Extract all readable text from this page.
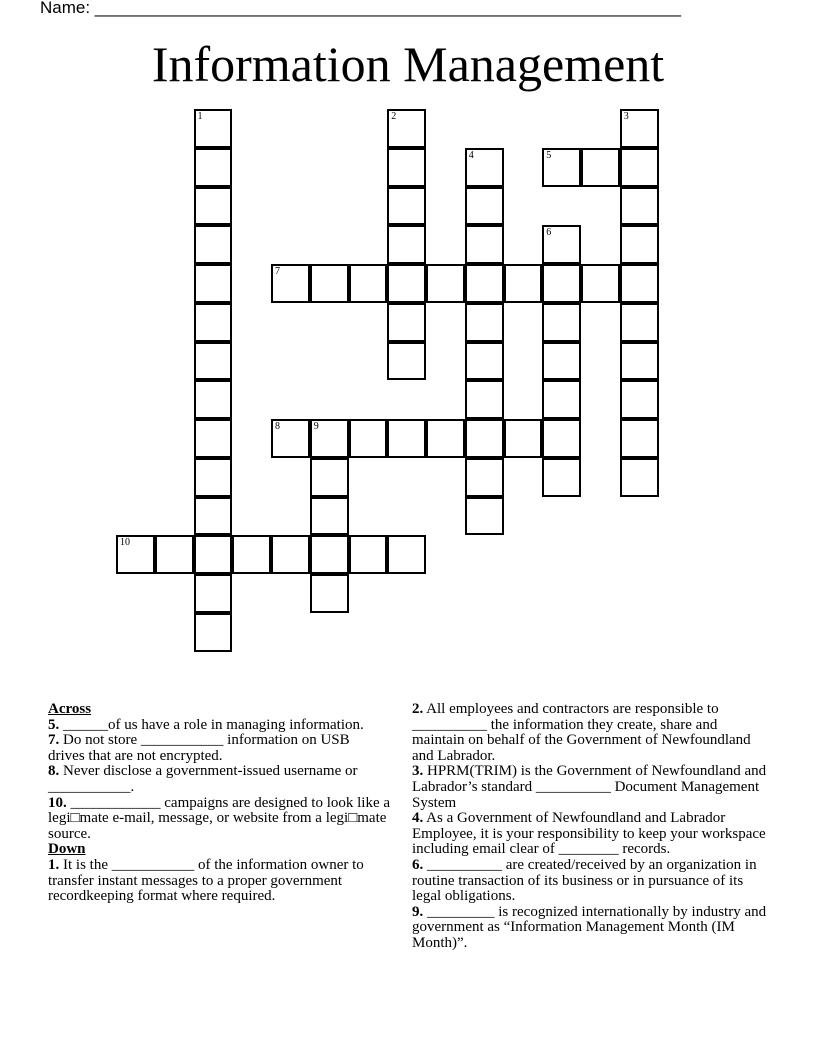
Name: ______________________________________________________________
Information Management
1	2	3
4	5
6
7
8	9
10
Across
5. ______of us have a role in managing information.
7. Do not store ___________ information on USB drives that are not encrypted.
8. Never disclose a government-issued username or ___________.
10. ____________ campaigns are designed to look like a legi□mate e-mail, message, or website from a legi□mate source.
Down
1. It is the ___________ of the information owner to transfer instant messages to a proper government recordkeeping format where required.
2. All employees and contractors are responsible to __________ the information they create, share and maintain on behalf of the Government of Newfoundland and Labrador.
3. HPRM(TRIM) is the Government of Newfoundland and Labrador’s standard __________ Document Management System
4. As a Government of Newfoundland and Labrador Employee, it is your responsibility to keep your workspace including email clear of ________ records.
6. __________ are created/received by an organization in routine transaction of its business or in pursuance of its legal obligations.
9. _________ is recognized internationally by industry and government as “Information Management Month (IM Month)”.
